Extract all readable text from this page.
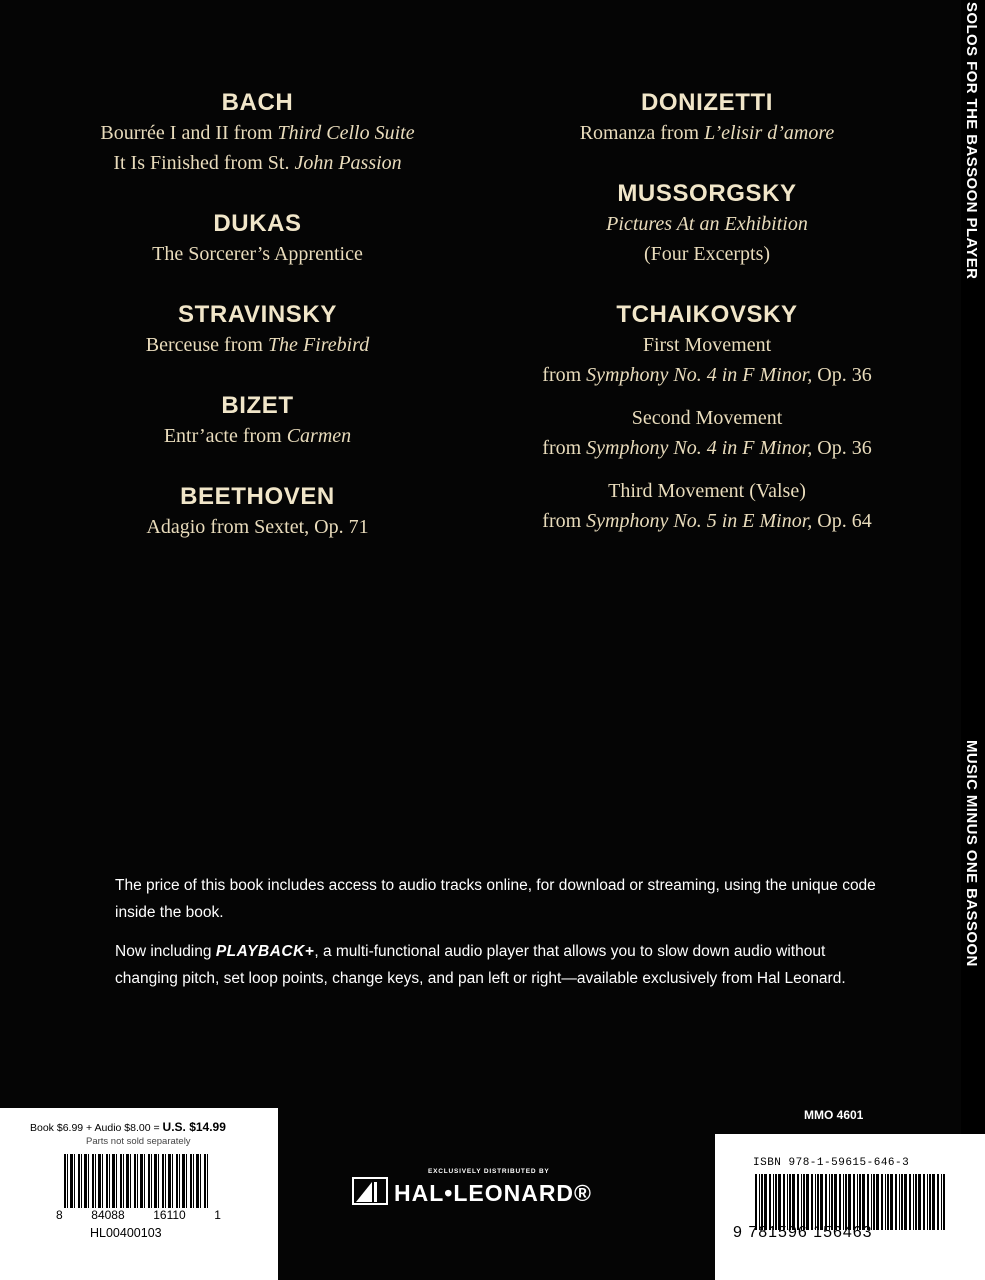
SOLOS FOR THE BASSOON PLAYER
MUSIC MINUS ONE BASSOON

BACH

Bourrée I and II from Third Cello Suite

It Is Finished from St. John Passion

DUKAS

The Sorcerer’s Apprentice

STRAVINSKY

Berceuse from The Firebird

BIZET

Entr’acte from Carmen

BEETHOVEN

Adagio from Sextet, Op. 71

DONIZETTI

Romanza from L’elisir d’amore

MUSSORGSKY

Pictures At an Exhibition

(Four Excerpts)

TCHAIKOVSKY

First Movement

from Symphony No. 4 in F Minor, Op. 36

Second Movement

from Symphony No. 4 in F Minor, Op. 36

Third Movement (Valse)

from Symphony No. 5 in E Minor, Op. 64

The price of this book includes access to audio tracks online, for download or streaming, using the unique code inside the book.

Now including PLAYBACK+, a multi-functional audio player that allows you to slow down audio without changing pitch, set loop points, change keys, and pan left or right—available exclusively from Hal Leonard.

Book $6.99 + Audio $8.00 = U.S. $14.99
Parts not sold separately
8 84088 16110 1
HL00400103
EXCLUSIVELY DISTRIBUTED BY
HAL•LEONARD®
MMO 4601
ISBN 978-1-59615-646-3
9 781596 156463
